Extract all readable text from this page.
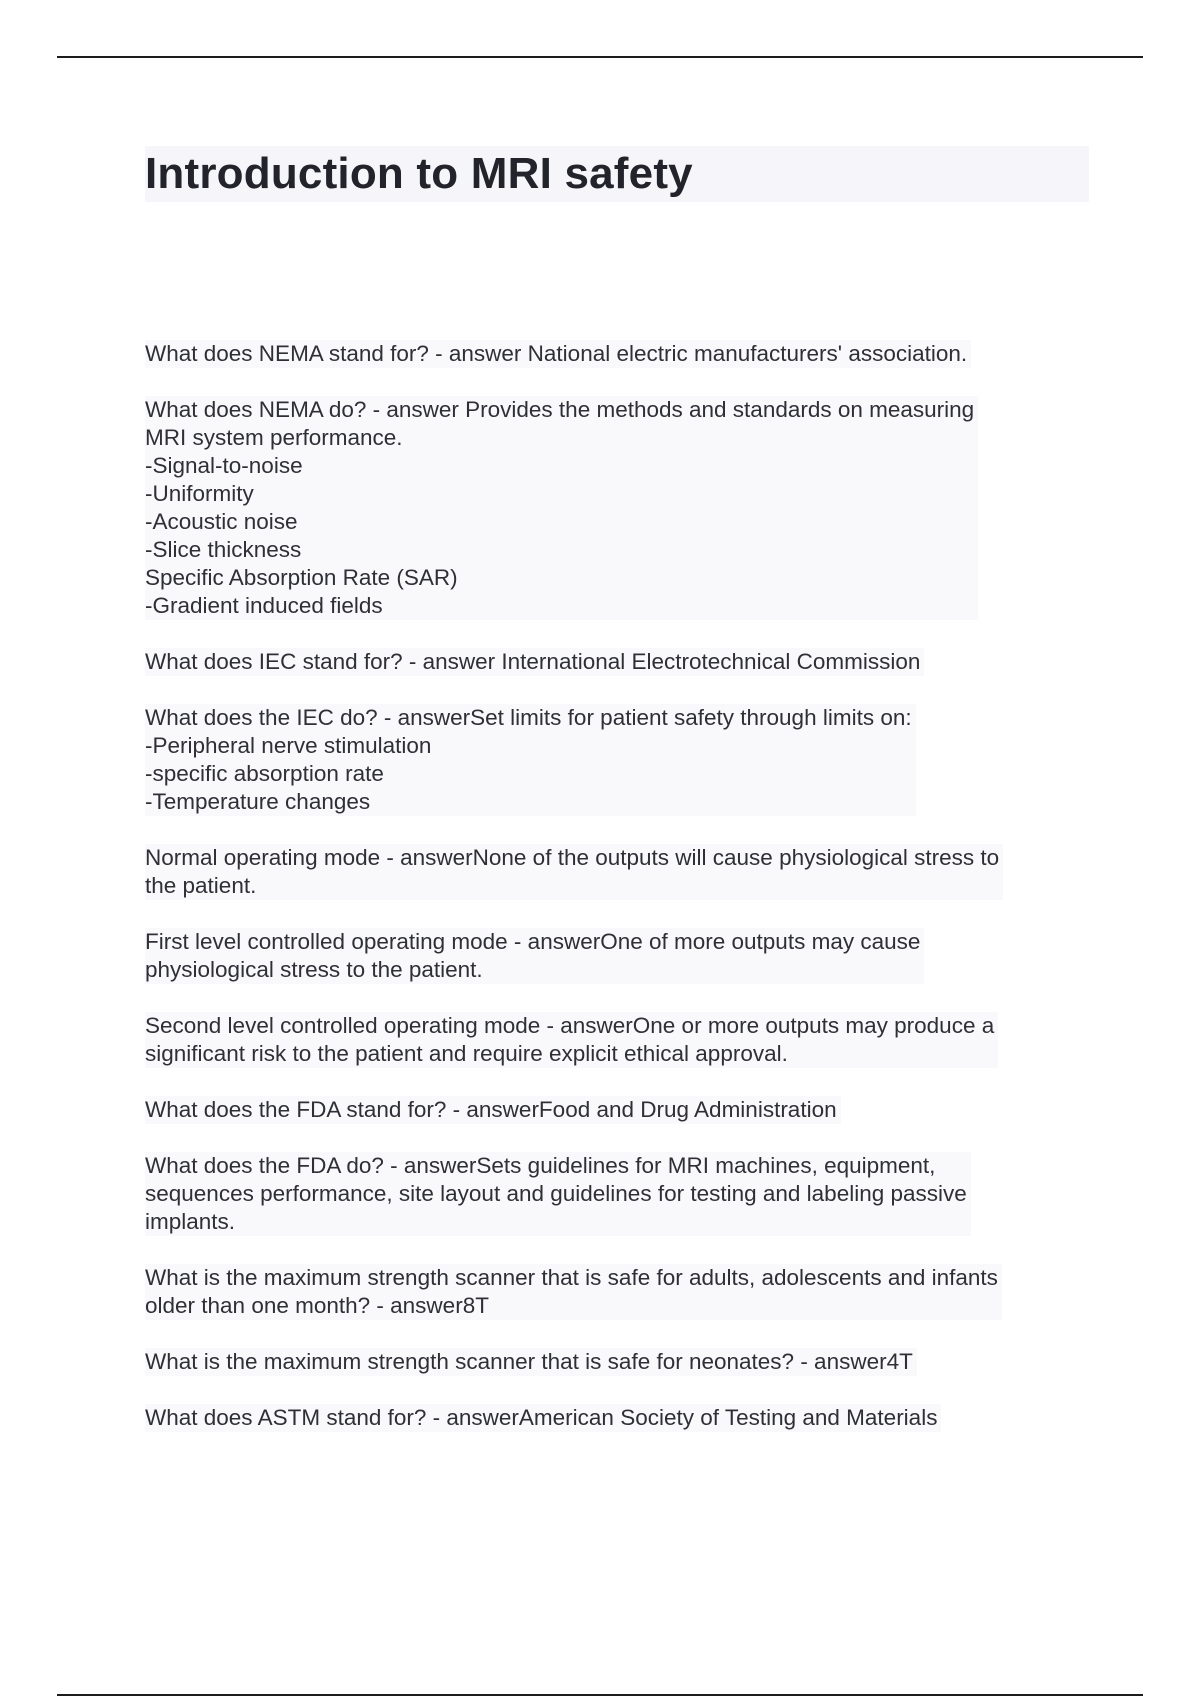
Introduction to MRI safety
What does NEMA stand for? - answer National electric manufacturers' association.
What does NEMA do? - answer Provides the methods and standards on measuring
MRI system performance.
-Signal-to-noise
-Uniformity
-Acoustic noise
-Slice thickness
Specific Absorption Rate (SAR)
-Gradient induced fields
What does IEC stand for? - answer International Electrotechnical Commission
What does the IEC do? - answerSet limits for patient safety through limits on:
-Peripheral nerve stimulation
-specific absorption rate
-Temperature changes
Normal operating mode - answerNone of the outputs will cause physiological stress to
the patient.
First level controlled operating mode - answerOne of more outputs may cause
physiological stress to the patient.
Second level controlled operating mode - answerOne or more outputs may produce a
significant risk to the patient and require explicit ethical approval.
What does the FDA stand for? - answerFood and Drug Administration
What does the FDA do? - answerSets guidelines for MRI machines, equipment,
sequences performance, site layout and guidelines for testing and labeling passive
implants.
What is the maximum strength scanner that is safe for adults, adolescents and infants
older than one month? - answer8T
What is the maximum strength scanner that is safe for neonates? - answer4T
What does ASTM stand for? - answerAmerican Society of Testing and Materials
